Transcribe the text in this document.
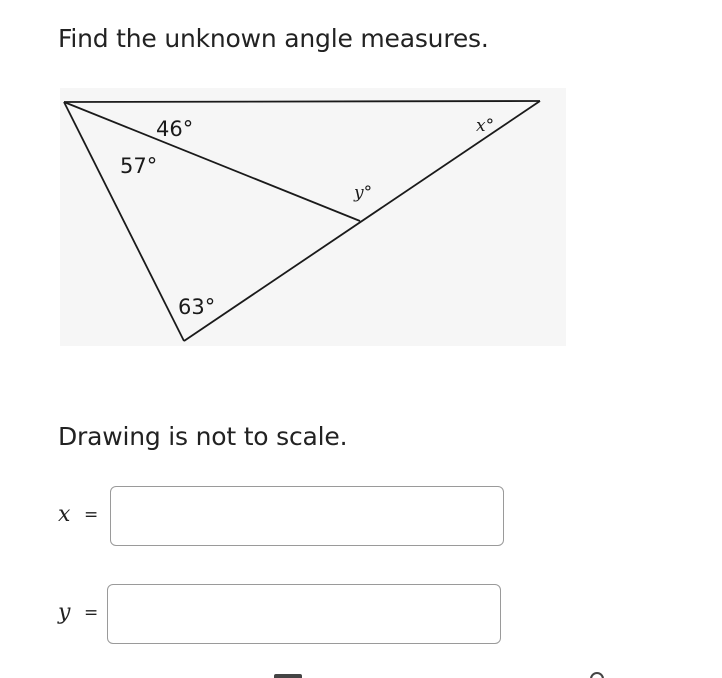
Find the unknown angle measures.
46°
57°
63°
y°
x°
Drawing is not to scale.
x =
y =
